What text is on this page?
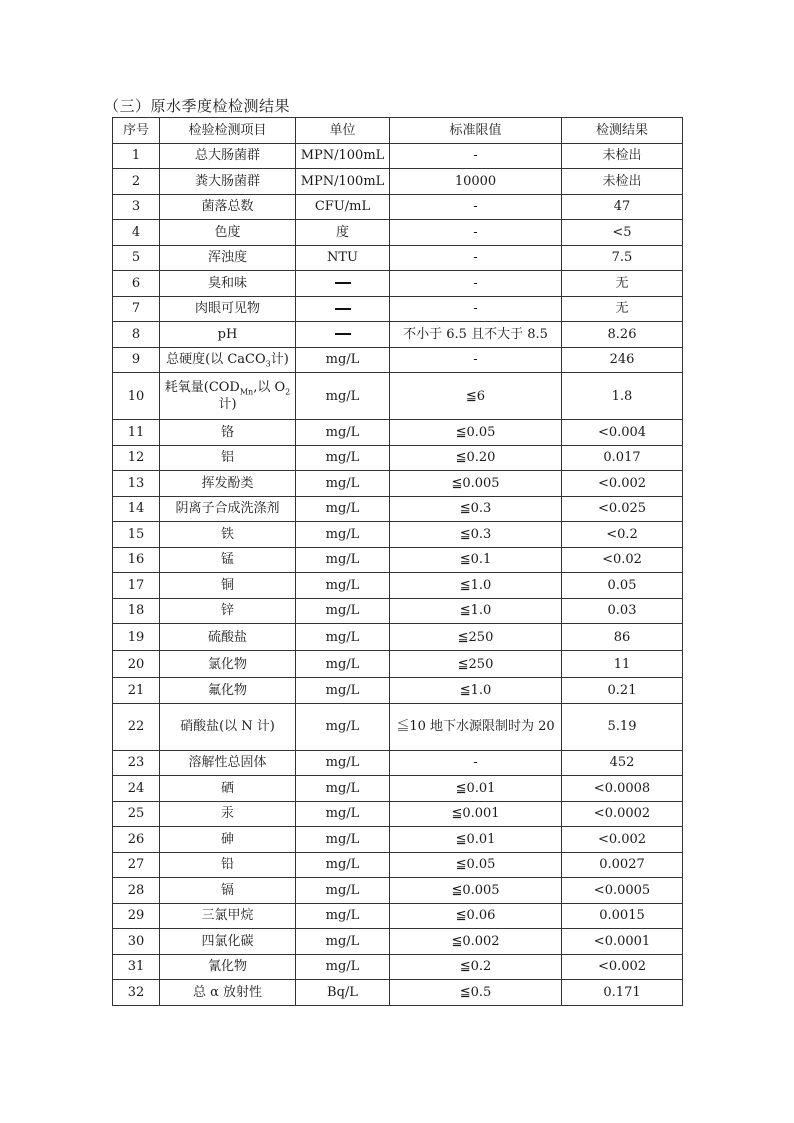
（三）原水季度检检测结果
序号	检验检测项目	单位	标准限值	检测结果
1	总大肠菌群	MPN/100mL	-	未检出
2	粪大肠菌群	MPN/100mL	10000	未检出
3	菌落总数	CFU/mL	-	47
4	色度	度	-	<5
5	浑浊度	NTU	-	7.5
6	臭和味		-	无
7	肉眼可见物		-	无
8	pH		不小于 6.5 且不大于 8.5	8.26
9	总硬度(以 CaCO$_3$计)	mg/L	-	246
10	耗氧量($COD_{Mn}$,以 $O_2$计)	mg/L	≦6	1.8
11	铬	mg/L	≦0.05	<0.004
12	铝	mg/L	≦0.20	0.017
13	挥发酚类	mg/L	≦0.005	<0.002
14	阴离子合成洗涤剂	mg/L	≦0.3	<0.025
15	铁	mg/L	≦0.3	<0.2
16	锰	mg/L	≦0.1	<0.02
17	铜	mg/L	≦1.0	0.05
18	锌	mg/L	≦1.0	0.03
19	硫酸盐	mg/L	≦250	86
20	氯化物	mg/L	≦250	11
21	氟化物	mg/L	≦1.0	0.21
22	硝酸盐(以 N 计)	mg/L	≦10 地下水源限制时为 20	5.19
23	溶解性总固体	mg/L	-	452
24	硒	mg/L	≦0.01	<0.0008
25	汞	mg/L	≦0.001	<0.0002
26	砷	mg/L	≦0.01	<0.002
27	铅	mg/L	≦0.05	0.0027
28	镉	mg/L	≦0.005	<0.0005
29	三氯甲烷	mg/L	≦0.06	0.0015
30	四氯化碳	mg/L	≦0.002	<0.0001
31	氰化物	mg/L	≦0.2	<0.002
32	总 α 放射性	Bq/L	≦0.5	0.171
